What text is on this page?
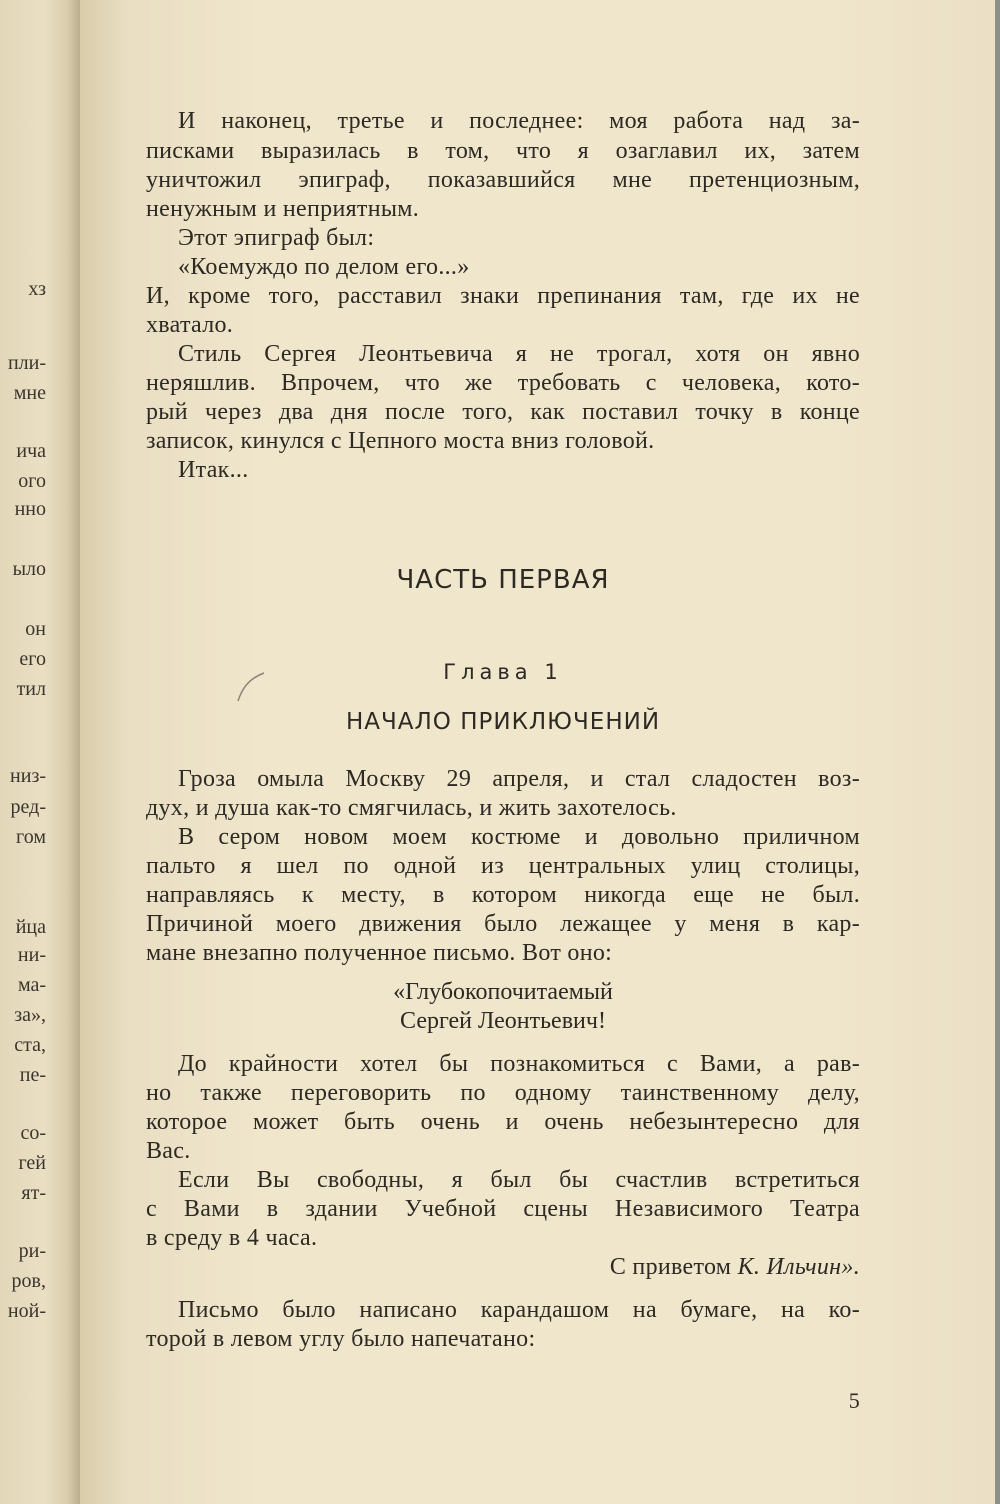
хз
пли-
мне
ича
ого
нно
ыло
он
его
тил
низ-
ред-
гом
йца
ни-
ма-
за»,
ста,
пе-
со-
гей
ят-
ри-
ров,
ной-
И наконец, третье и последнее: моя работа над за-
писками выразилась в том, что я озаглавил их, затем
уничтожил эпиграф, показавшийся мне претенциозным,
ненужным и неприятным.
Этот эпиграф был:
«Коемуждо по делом его...»
И, кроме того, расставил знаки препинания там, где их не
хватало.
Стиль Сергея Леонтьевича я не трогал, хотя он явно
неряшлив. Впрочем, что же требовать с человека, кото-
рый через два дня после того, как поставил точку в конце
записок, кинулся с Цепного моста вниз головой.
Итак...
ЧАСТЬ ПЕРВАЯ
Глава 1
НАЧАЛО ПРИКЛЮЧЕНИЙ
Гроза омыла Москву 29 апреля, и стал сладостен воз-
дух, и душа как-то смягчилась, и жить захотелось.
В сером новом моем костюме и довольно приличном
пальто я шел по одной из центральных улиц столицы,
направляясь к месту, в котором никогда еще не был.
Причиной моего движения было лежащее у меня в кар-
мане внезапно полученное письмо. Вот оно:
«Глубокопочитаемый
Сергей Леонтьевич!
До крайности хотел бы познакомиться с Вами, а рав-
но также переговорить по одному таинственному делу,
которое может быть очень и очень небезынтересно для
Вас.
Если Вы свободны, я был бы счастлив встретиться
с Вами в здании Учебной сцены Независимого Театра
в среду в 4 часа.
С приветом К. Ильчин».
Письмо было написано карандашом на бумаге, на ко-
торой в левом углу было напечатано:
5
